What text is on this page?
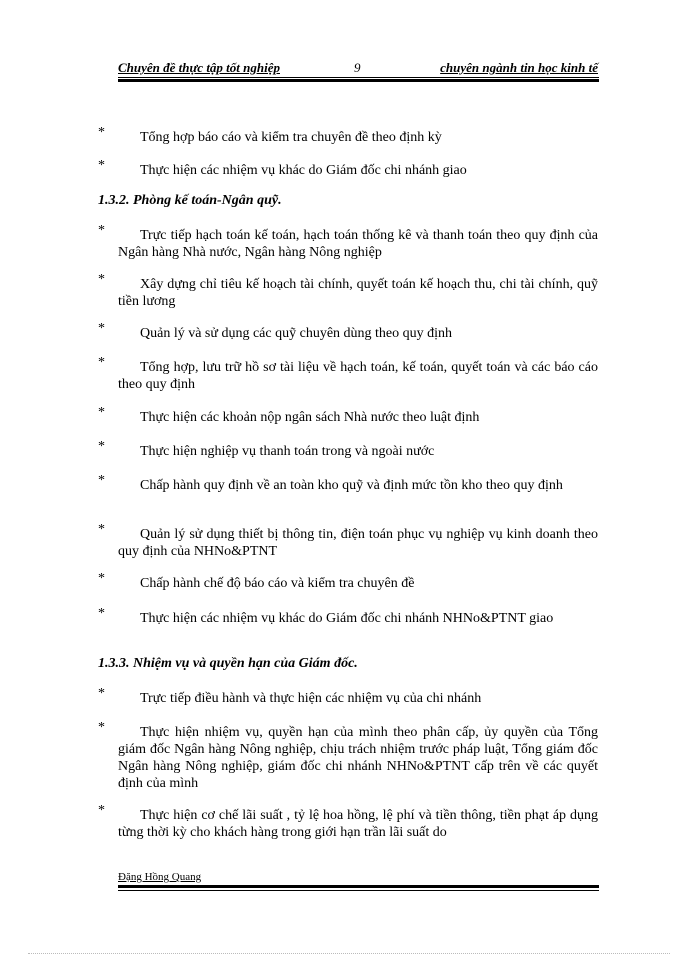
Chuyên đề thực tập tốt nghiệp	9	chuyên ngành tin học kinh tế
*	Tổng hợp báo cáo và kiểm tra chuyên đề theo định kỳ
*	Thực hiện các nhiệm vụ khác do Giám đốc chi nhánh giao
1.3.2. Phòng kế toán-Ngân quỹ.
*	Trực tiếp hạch toán kế toán, hạch toán thống kê và thanh toán theo quy định của Ngân hàng Nhà nước, Ngân hàng Nông nghiệp
*	Xây dựng chỉ tiêu kế hoạch tài chính, quyết toán kế hoạch thu, chi tài chính, quỹ tiền lương
*	Quản lý và sử dụng các quỹ chuyên dùng theo quy định
*	Tổng hợp, lưu trữ hồ sơ tài liệu về hạch toán, kế toán, quyết toán và các báo cáo theo quy định
*	Thực hiện các khoản nộp ngân sách Nhà nước theo luật định
*	Thực hiện nghiệp vụ thanh toán trong và ngoài nước
*	Chấp hành quy định về an toàn kho quỹ và định mức tồn kho theo quy định
*	Quản lý sử dụng thiết bị thông tin, điện toán phục vụ nghiệp vụ kinh doanh theo quy định của NHNo&PTNT
*	Chấp hành chế độ báo cáo và kiểm tra chuyên đề
*	Thực hiện các nhiệm vụ khác do Giám đốc chi nhánh NHNo&PTNT giao
1.3.3. Nhiệm vụ và quyền hạn của Giám đốc.
*	Trực tiếp điều hành và thực hiện các nhiệm vụ của chi nhánh
*	Thực hiện nhiệm vụ, quyền hạn của mình theo phân cấp, ủy quyền của Tổng giám đốc Ngân hàng Nông nghiệp, chịu trách nhiệm trước pháp luật, Tổng giám đốc Ngân hàng Nông nghiệp, giám đốc chi nhánh NHNo&PTNT cấp trên về các quyết định của mình
*	Thực hiện cơ chế lãi suất , tỷ lệ hoa hồng, lệ phí và tiền thông, tiền phạt áp dụng từng thời kỳ cho khách hàng trong giới hạn trần lãi suất do
Đặng Hồng Quang
